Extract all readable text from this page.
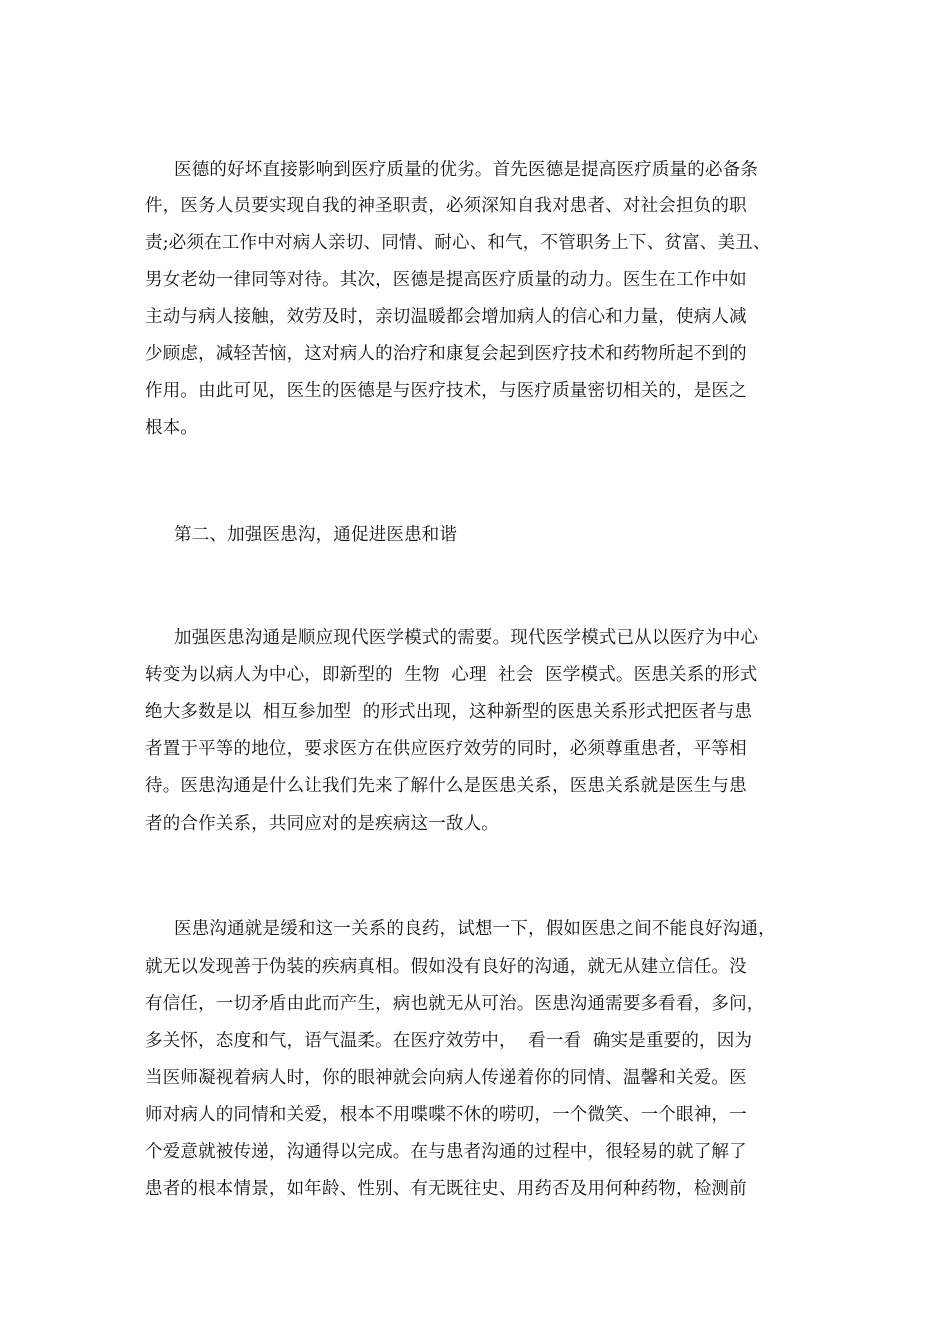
医德的好坏直接影响到医疗质量的优劣。首先医德是提高医疗质量的必备条
件，医务人员要实现自我的神圣职责，必须深知自我对患者、对社会担负的职
责;必须在工作中对病人亲切、同情、耐心、和气，不管职务上下、贫富、美丑、
男女老幼一律同等对待。其次，医德是提高医疗质量的动力。医生在工作中如
主动与病人接触，效劳及时，亲切温暖都会增加病人的信心和力量，使病人减
少顾虑，减轻苦恼，这对病人的治疗和康复会起到医疗技术和药物所起不到的
作用。由此可见，医生的医德是与医疗技术，与医疗质量密切相关的，是医之
根本。
第二、加强医患沟，通促进医患和谐
加强医患沟通是顺应现代医学模式的需要。现代医学模式已从以医疗为中心
转变为以病人为中心，即新型的  生物  心理  社会  医学模式。医患关系的形式
绝大多数是以  相互参加型  的形式出现，这种新型的医患关系形式把医者与患
者置于平等的地位，要求医方在供应医疗效劳的同时，必须尊重患者，平等相
待。医患沟通是什么让我们先来了解什么是医患关系，医患关系就是医生与患
者的合作关系，共同应对的是疾病这一敌人。
医患沟通就是缓和这一关系的良药，试想一下，假如医患之间不能良好沟通，
就无以发现善于伪装的疾病真相。假如没有良好的沟通，就无从建立信任。没
有信任，一切矛盾由此而产生，病也就无从可治。医患沟通需要多看看，多问，
多关怀，态度和气，语气温柔。在医疗效劳中，  看一看  确实是重要的，因为
当医师凝视着病人时，你的眼神就会向病人传递着你的同情、温馨和关爱。医
师对病人的同情和关爱，根本不用喋喋不休的唠叨，一个微笑、一个眼神，一
个爱意就被传递，沟通得以完成。在与患者沟通的过程中，很轻易的就了解了
患者的根本情景，如年龄、性别、有无既往史、用药否及用何种药物，检测前
